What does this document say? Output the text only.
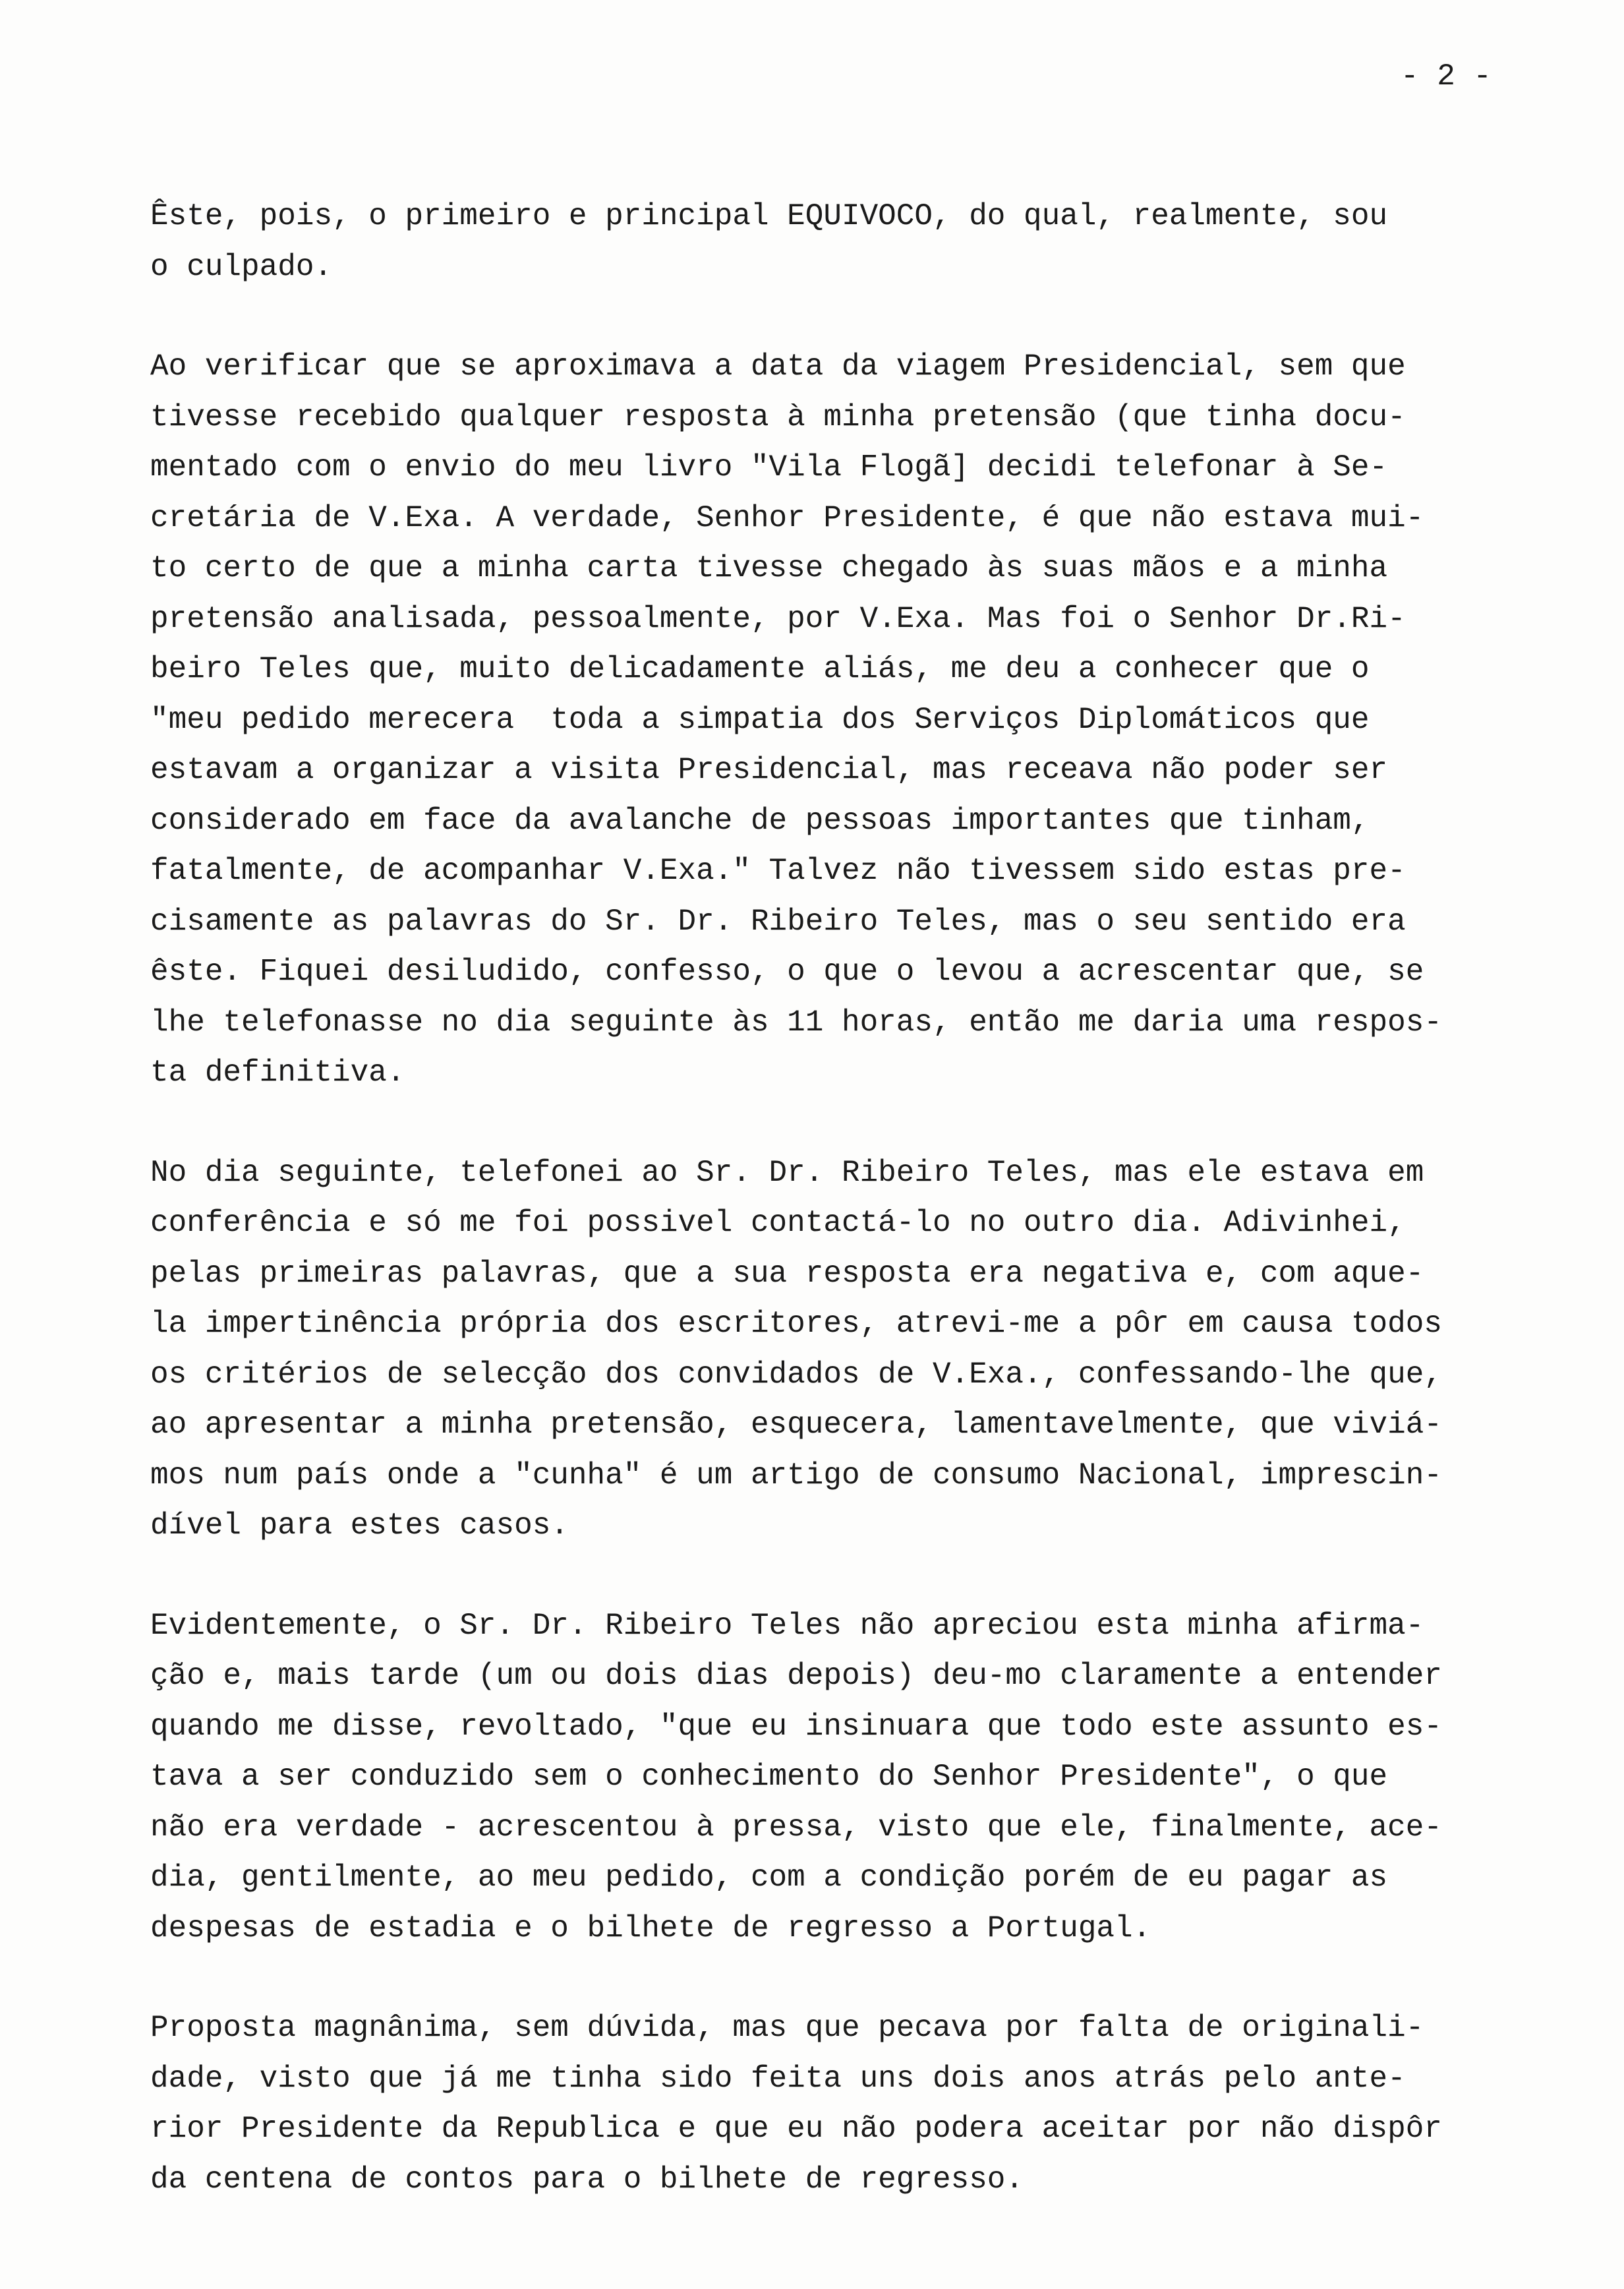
- 2 -
Êste, pois, o primeiro e principal EQUIVOCO, do qual, realmente, sou
o culpado.
Ao verificar que se aproximava a data da viagem Presidencial, sem que
tivesse recebido qualquer resposta à minha pretensão (que tinha docu-
mentado com o envio do meu livro "Vila Flogã] decidi telefonar à Se-
cretária de V.Exa. A verdade, Senhor Presidente, é que não estava mui-
to certo de que a minha carta tivesse chegado às suas mãos e a minha
pretensão analisada, pessoalmente, por V.Exa. Mas foi o Senhor Dr.Ri-
beiro Teles que, muito delicadamente aliás, me deu a conhecer que o
"meu pedido merecera  toda a simpatia dos Serviços Diplomáticos que
estavam a organizar a visita Presidencial, mas receava não poder ser
considerado em face da avalanche de pessoas importantes que tinham,
fatalmente, de acompanhar V.Exa." Talvez não tivessem sido estas pre-
cisamente as palavras do Sr. Dr. Ribeiro Teles, mas o seu sentido era
êste. Fiquei desiludido, confesso, o que o levou a acrescentar que, se
lhe telefonasse no dia seguinte às 11 horas, então me daria uma respos-
ta definitiva.
No dia seguinte, telefonei ao Sr. Dr. Ribeiro Teles, mas ele estava em
conferência e só me foi possivel contactá-lo no outro dia. Adivinhei,
pelas primeiras palavras, que a sua resposta era negativa e, com aque-
la impertinência própria dos escritores, atrevi-me a pôr em causa todos
os critérios de selecção dos convidados de V.Exa., confessando-lhe que,
ao apresentar a minha pretensão, esquecera, lamentavelmente, que viviá-
mos num país onde a "cunha" é um artigo de consumo Nacional, imprescin-
dível para estes casos.
Evidentemente, o Sr. Dr. Ribeiro Teles não apreciou esta minha afirma-
ção e, mais tarde (um ou dois dias depois) deu-mo claramente a entender
quando me disse, revoltado, "que eu insinuara que todo este assunto es-
tava a ser conduzido sem o conhecimento do Senhor Presidente", o que
não era verdade - acrescentou à pressa, visto que ele, finalmente, ace-
dia, gentilmente, ao meu pedido, com a condição porém de eu pagar as
despesas de estadia e o bilhete de regresso a Portugal.
Proposta magnânima, sem dúvida, mas que pecava por falta de originali-
dade, visto que já me tinha sido feita uns dois anos atrás pelo ante-
rior Presidente da Republica e que eu não podera aceitar por não dispôr
da centena de contos para o bilhete de regresso.
